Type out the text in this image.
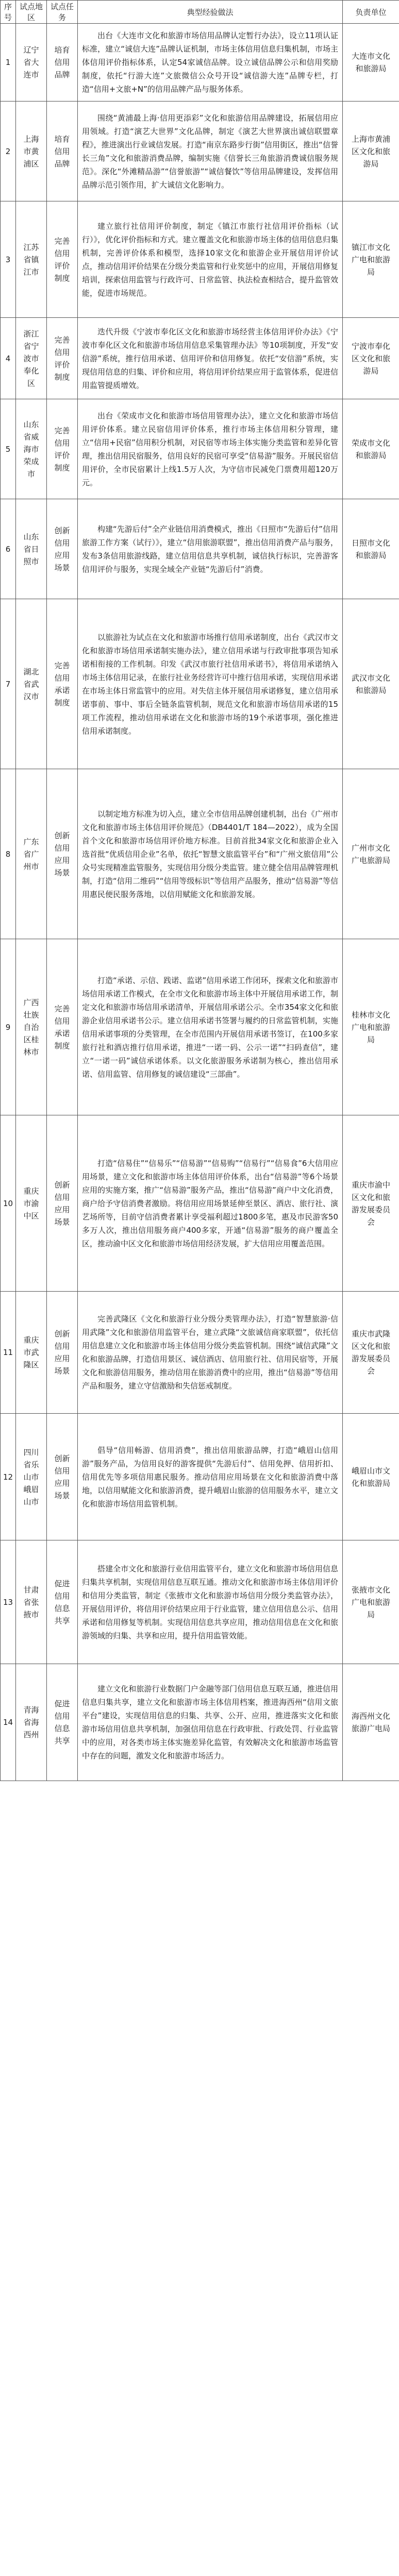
序号	试点地区	试点任务	典型经验做法	负责单位
1	辽宁省大连市	培育信用品牌	出台《大连市文化和旅游市场信用品牌认定暂行办法》，设立11项认证标准，建立“诚信大连”品牌认证机制，市场主体信用信息归集机制，市场主体信用评价指标体系，认定54家诚信品牌。设立诚信品牌公示和信用奖励制度，依托“行游大连”文旅微信公众号开设“诚信游大连”品牌专栏，打造“信用+文旅+N”的信用品牌产品与服务体系。	大连市文化和旅游局
2	上海市黄浦区	培育信用品牌	围绕“黄浦最上海·信用更添彩”文化和旅游信用品牌建设，拓展信用应用领域。打造“演艺大世界”文化品牌，制定《演艺大世界演出诚信联盟章程》，推进演出行业诚信发展。打造“南京东路步行街”信用街区，推出“信誉长三角”文化和旅游消费品牌，编制实施《信誉长三角旅游消费诚信服务规范》。深化“外滩精品游”“信誉旅游”“诚信餐饮”等信用品牌建设，发挥信用品牌示范引领作用，扩大诚信文化影响力。	上海市黄浦区文化和旅游局
3	江苏省镇江市	完善信用评价制度	建立旅行社信用评价制度，制定《镇江市旅行社信用评价指标（试行）》，优化评价指标和方式。建立覆盖文化和旅游市场主体的信用信息归集机制，完善评价体系和模型，选择10家文化和旅游企业开展信用评价试点，推动信用评价结果在分级分类监管和行业奖惩中的应用，开展信用修复培训，探索信用监管与行政许可、日常监管、执法检查相结合，提升监管效能，促进市场规范。	镇江市文化广电和旅游局
4	浙江省宁波市奉化区	完善信用评价制度	迭代升级《宁波市奉化区文化和旅游市场经营主体信用评价办法》《宁波市奉化区文化和旅游市场信用信息采集管理办法》等10项制度，开发“安信游”系统，推行信用承诺、信用评价和信用修复。依托“安信游”系统，实现信用信息的归集、评价和应用，将信用评价结果应用于监管体系，促进信用监管提质增效。	宁波市奉化区文化和旅游局
5	山东省威海市荣成市	完善信用评价制度	出台《荣成市文化和旅游市场信用管理办法》，建立文化和旅游市场信用评价体系。建立民宿信用评价体系，推行市场主体信用积分管理，建立“信用+民宿”信用积分机制，对民宿等市场主体实施分类监管和差异化管理，推出信用民宿服务，信用良好的民宿可享受“信易游”服务。开展民宿信用评价，全市民宿累计上线1.5万人次，为守信市民减免门票费用超120万元。	荣成市文化和旅游局
6	山东省日照市	创新信用应用场景	构建“先游后付”全产业链信用消费模式，推出《日照市“先游后付”信用旅游工作方案（试行）》，建立“信用旅游联盟”，推出信用消费产品与服务，发布3条信用旅游线路，建立信用信息共享机制，诚信执行标识，完善游客信用评价与服务，实现全域全产业链“先游后付”消费。	日照市文化和旅游局
7	湖北省武汉市	完善信用承诺制度	以旅游社为试点在文化和旅游市场推行信用承诺制度，出台《武汉市文化和旅游市场信用承诺制实施办法》，建立信用承诺与行政审批事项告知承诺相衔接的工作机制。印发《武汉市旅行社信用承诺书》，将信用承诺纳入市场主体信用记录，在旅行社业务经营许可中推行信用承诺，实现信用承诺在市场主体日常监管中的应用。对失信主体开展信用承诺修复，建立信用承诺事前、事中、事后全链条监管机制，规范文化和旅游市场信用承诺的15项工作流程，推动信用承诺在文化和旅游市场的19个承诺事项，强化推进信用承诺制度。	武汉市文化和旅游局
8	广东省广州市	创新信用应用场景	以制定地方标准为切入点，建立全市信用品牌创建机制，出台《广州市文化和旅游市场主体信用评价规范》（DB4401/T 184—2022），成为全国首个文化和旅游市场信用评价地方标准。目前首批34家文化和旅游企业入选首批“优质信用企业”名单，依托“智慧文旅监管平台”和“广州文旅信用”公众号实现精准监管服务，实现信用分级分类监管。建立健全信用品牌管理机制，打造“信用二维码”“信用等级标识”等信用产品服务，推动“信易游”等信用惠民便民服务落地，以信用赋能文化和旅游发展。	广州市文化广电旅游局
9	广西壮族自治区桂林市	完善信用承诺制度	打造“承诺、示信、践诺、监诺”信用承诺工作闭环，探索文化和旅游市场信用承诺工作模式，在全市文化和旅游市场主体中开展信用承诺工作，制定文化和旅游市场信用承诺清单，开展信用承诺公示。全市354家文化和旅游企业信用承诺书公示。建立信用承诺书签署与履约的日常监管机制，实施信用承诺事项的分类管理，在全市范围内开展信用承诺书签订，在100多家旅行社和酒店推行信用承诺，推进“一诺一码、公示一诺”“扫码查信”，建立“一诺一码”诚信承诺体系。以文化旅游服务承诺制为核心，推出信用承诺、信用监管、信用修复的诚信建设“三部曲”。	桂林市文化广电和旅游局
10	重庆市渝中区	创新信用应用场景	打造“信易住”“信易乐”“信易游”“信易购”“信易行”“信易食”6大信用应用场景，建立文化和旅游市场主体信用评价体系，出台“信易游”等6个场景应用的实施方案，推广“信易游”服务产品，推出“信易游”商户中文化消费，商户给予守信消费者激励。将信用应用场景延伸至景区、酒店、旅行社、演艺场所等，目前守信消费者累计享受福利超过1800多笔，惠及市民游客50多万人次，推出信用服务商户400多家，开通“信易游”服务的商户覆盖全区，推动渝中区文化和旅游市场信用经济发展，扩大信用应用覆盖范围。	重庆市渝中区文化和旅游发展委员会
11	重庆市武隆区	创新信用应用场景	完善武隆区《文化和旅游行业分级分类管理办法》，打造“智慧旅游·信用武隆”文化和旅游信用监管平台，建立武隆“文旅诚信商家联盟”，依托信用信息建立文化和旅游市场主体信用分级分类监管机制。围绕“诚信武隆”文化和旅游品牌，打造信用景区、诚信酒店、信用旅行社、信用民宿等，开展文化和旅游信用服务，推动信用在旅游消费中的应用，推出“信易游”等信用产品和服务，建立守信激励和失信惩戒制度。	重庆市武隆区文化和旅游发展委员会
12	四川省乐山市峨眉山市	创新信用应用场景	倡导“信用畅游、信用消费”，推出信用旅游品牌，打造“峨眉山信用游”服务产品，为信用良好的游客提供“先游后付”、信用免押、信用折扣、信用优先等多项信用惠民服务。推动信用应用场景在文化和旅游消费中落地，以信用赋能文化和旅游消费，提升峨眉山旅游的信用服务水平，建立文化和旅游市场信用监管机制。	峨眉山市文化和旅游局
13	甘肃省张掖市	促进信用信息共享	搭建全市文化和旅游行业信用监管平台，建立文化和旅游市场信用信息归集共享机制，实现信用信息互联互通。推动文化和旅游市场主体信用评价和信用分类监管，制定《张掖市文化和旅游市场信用分级分类监管办法》，开展信用评价，将信用评价结果应用于行业监管，建立信用信息公示、信用承诺和信用修复等机制。实现信用信息共享应用，推动信用信息在文化和旅游领域的归集、共享和应用，提升信用监管效能。	张掖市文化广电和旅游局
14	青海省海西州	促进信用信息共享	建立文化和旅游行业数据门户金融等部门信用信息互联互通，推进信用信息归集共享，建立文化和旅游市场主体信用档案，推进海西州“信用文旅平台”建设，实现信用信息的归集、共享、公开、应用，推进落实文化和旅游市场信用信息共享机制，加强信用信息在行政审批、行政处罚、行业监管中的应用，对各类市场主体实施差异化监管，有效解决文化和旅游市场监管中存在的问题，激发文化和旅游市场活力。	海西州文化旅游广电局
